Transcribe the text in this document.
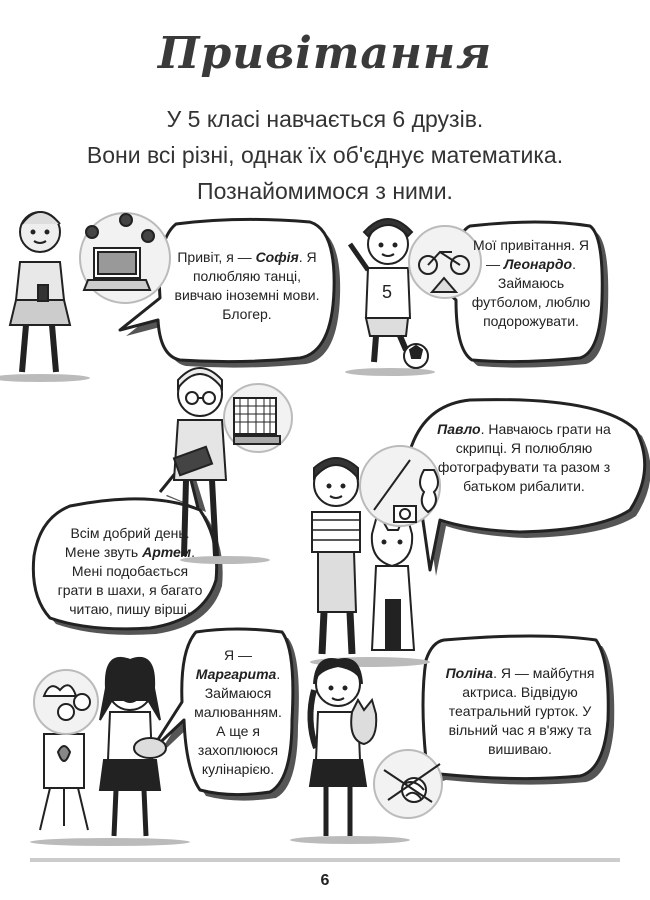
5
Привітання
У 5 класі навчається 6 друзів.
Вони всі різні, однак їх об'єднує математика.
Познайомимося з ними.
Привіт, я — Софія. Я полюбляю танці, вивчаю іноземні мови. Блогер.
Мої привітання. Я — Леонардо. Займаюсь футболом, люблю подорожувати.
Павло. Навчаюсь грати на скрипці. Я полюбляю фотографувати та разом з батьком рибалити.
Всім добрий день. Мене звуть Артем. Мені подобається грати в шахи, я багато читаю, пишу вірші.
Я — Маргарита. Займаюся малюванням. А ще я захоплююся кулінарією.
Поліна. Я — майбутня актриса. Відвідую театральний гурток. У вільний час я в'яжу та вишиваю.
6
